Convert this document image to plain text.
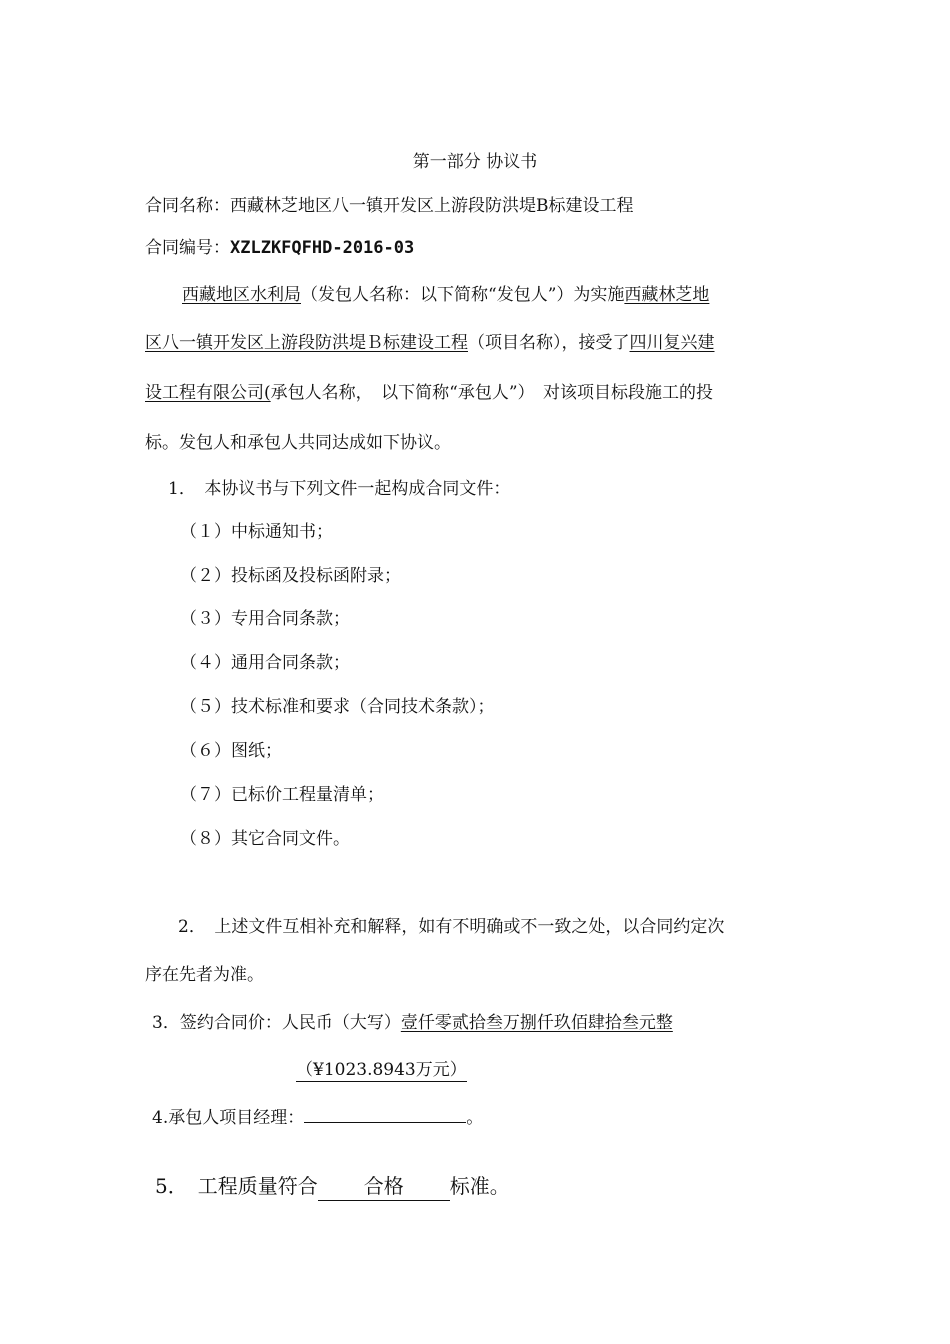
第一部分 协议书
合同名称：西藏林芝地区八一镇开发区上游段防洪堤B标建设工程
合同编号：XZLZKFQFHD-2016-03
西藏地区水利局（发包人名称：以下简称“发包人”）为实施西藏林芝地
区八一镇开发区上游段防洪堤Ｂ标建设工程（项目名称），接受了四川复兴建
设工程有限公司(承包人名称，　以下简称“承包人”）　对该项目标段施工的投
标。发包人和承包人共同达成如下协议。
1．　本协议书与下列文件一起构成合同文件：
（１）中标通知书；
（２）投标函及投标函附录；
（３）专用合同条款；
（４）通用合同条款；
（５）技术标准和要求（合同技术条款）；
（６）图纸；
（７）已标价工程量清单；
（８）其它合同文件。
2．　上述文件互相补充和解释，如有不明确或不一致之处，以合同约定次
序在先者为准。
3．签约合同价：人民币（大写）壹仟零贰拾叁万捌仟玖佰肆拾叁元整
（¥1023.8943万元）
4.承包人项目经理：	。
5．　工程质量符合 合格 标准。
